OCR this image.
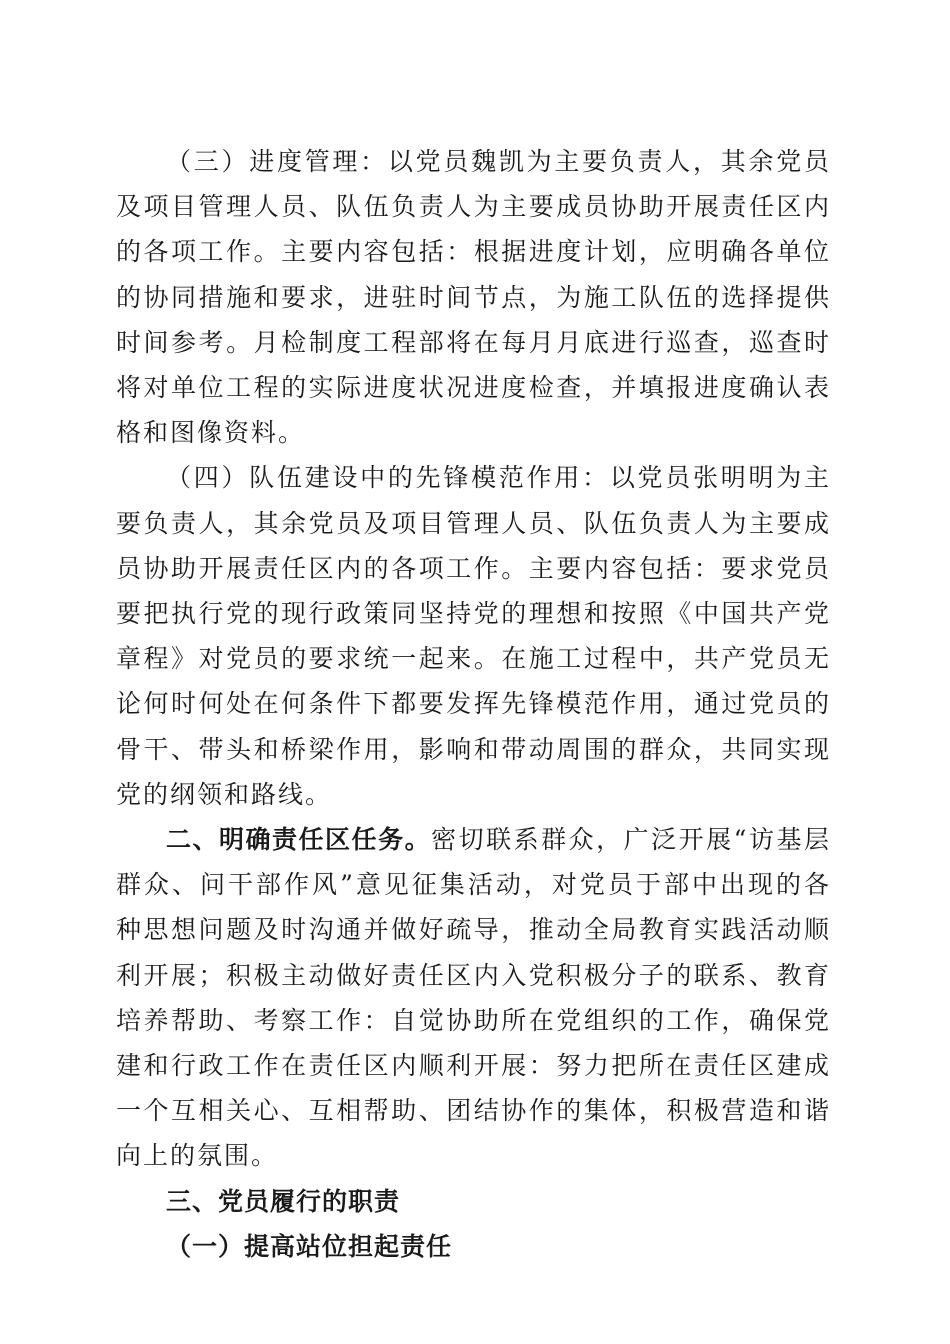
（三）进度管理：以党员魏凯为主要负责人，其余党员及项目管理人员、队伍负责人为主要成员协助开展责任区内的各项工作。主要内容包括：根据进度计划，应明确各单位的协同措施和要求，进驻时间节点，为施工队伍的选择提供时间参考。月检制度工程部将在每月月底进行巡查，巡查时将对单位工程的实际进度状况进度检查，并填报进度确认表格和图像资料。

（四）队伍建设中的先锋模范作用：以党员张明明为主要负责人，其余党员及项目管理人员、队伍负责人为主要成员协助开展责任区内的各项工作。主要内容包括：要求党员要把执行党的现行政策同坚持党的理想和按照《中国共产党章程》对党员的要求统一起来。在施工过程中，共产党员无论何时何处在何条件下都要发挥先锋模范作用，通过党员的骨干、带头和桥梁作用，影响和带动周围的群众，共同实现党的纲领和路线。

二、明确责任区任务。密切联系群众，广泛开展“访基层群众、问干部作风”意见征集活动，对党员于部中出现的各种思想问题及时沟通并做好疏导，推动全局教育实践活动顺利开展；积极主动做好责任区内入党积极分子的联系、教育培养帮助、考察工作：自觉协助所在党组织的工作，确保党建和行政工作在责任区内顺利开展：努力把所在责任区建成一个互相关心、互相帮助、团结协作的集体，积极营造和谐向上的氛围。

三、党员履行的职责

（一）提高站位担起责任
